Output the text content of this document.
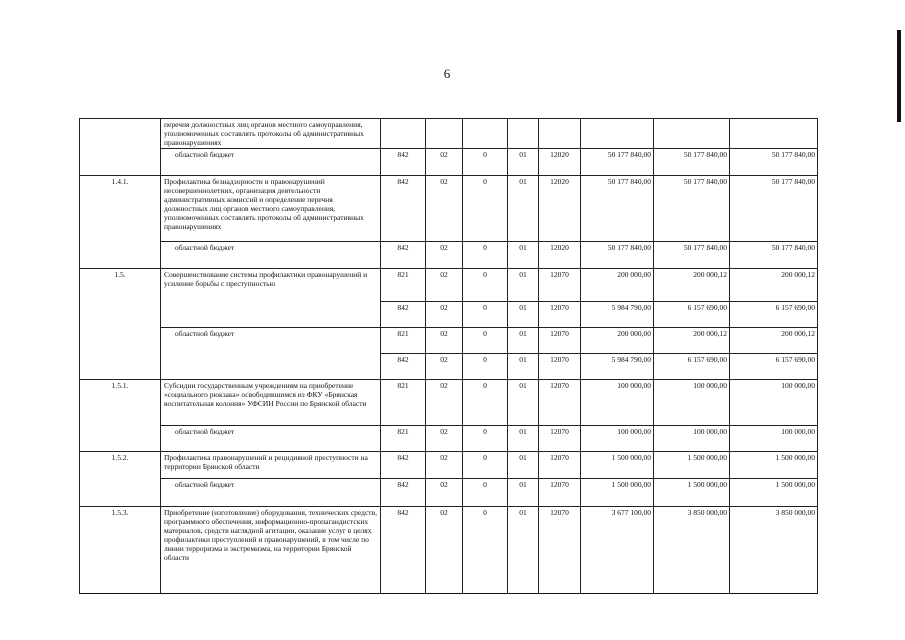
6
	перечня должностных лиц органов местного самоуправления, уполномоченных составлять протоколы об административных правонарушениях								
	областной бюджет	842	02	0	01	12020	50 177 840,00	50 177 840,00	50 177 840,00
1.4.1.	Профилактика безнадзорности и правонарушений несовершеннолетних, организация деятельности административных комиссий и определение перечня должностных лиц органов местного самоуправления, уполномоченных составлять протоколы об административных правонарушениях	842	02	0	01	12020	50 177 840,00	50 177 840,00	50 177 840,00
	областной бюджет	842	02	0	01	12020	50 177 840,00	50 177 840,00	50 177 840,00
1.5.	Совершенствование системы профилактики правонарушений и усиление борьбы с преступностью	821	02	0	01	12070	200 000,00	200 000,12	200 000,12
		842	02	0	01	12070	5 984 790,00	6 157 690,00	6 157 690,00
	областной бюджет	821	02	0	01	12070	200 000,00	200 000,12	200 000,12
		842	02	0	01	12070	5 984 790,00	6 157 690,00	6 157 690,00
1.5.1.	Субсидии государственным учреждениям на приобретение «социального рюкзака» освободившимся из ФКУ «Брянская воспитательная колония» УФСИН России по Брянской области	821	02	0	01	12070	100 000,00	100 000,00	100 000,00
	областной бюджет	821	02	0	01	12070	100 000,00	100 000,00	100 000,00
1.5.2.	Профилактика правонарушений и рецидивной преступности на территории Брянской области	842	02	0	01	12070	1 500 000,00	1 500 000,00	1 500 000,00
	областной бюджет	842	02	0	01	12070	1 500 000,00	1 500 000,00	1 500 000,00
1.5.3.	Приобретение (изготовление) оборудования, технических средств, программного обеспечения, информационно-пропагандистских материалов, средств наглядной агитации, оказание услуг в целях профилактики преступлений и правонарушений, в том числе по линии терроризма и экстремизма, на территории Брянской области	842	02	0	01	12070	3 677 100,00	3 850 000,00	3 850 000,00
